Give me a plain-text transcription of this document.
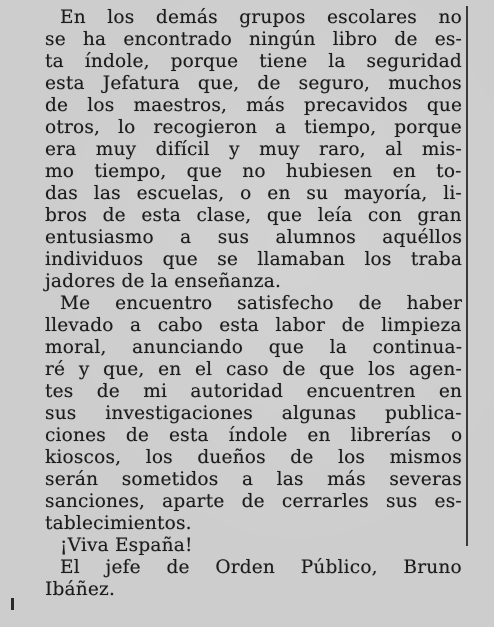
En los demás grupos escolares no
se ha encontrado ningún libro de es-
ta índole, porque tiene la seguridad
esta Jefatura que, de seguro, muchos
de los maestros, más precavidos que
otros, lo recogieron a tiempo, porque
era muy difícil y muy raro, al mis-
mo tiempo, que no hubiesen en to-
das las escuelas, o en su mayoría, li-
bros de esta clase, que leía con gran
entusiasmo a sus alumnos aquéllos
individuos que se llamaban los traba
jadores de la enseñanza.
Me encuentro satisfecho de haber
llevado a cabo esta labor de limpieza
moral, anunciando que la continua-
ré y que, en el caso de que los agen-
tes de mi autoridad encuentren en
sus investigaciones algunas publica-
ciones de esta índole en librerías o
kioscos, los dueños de los mismos
serán sometidos a las más severas
sanciones, aparte de cerrarles sus es-
tablecimientos.
¡Viva España!
El jefe de Orden Público, Bruno
Ibáñez.
